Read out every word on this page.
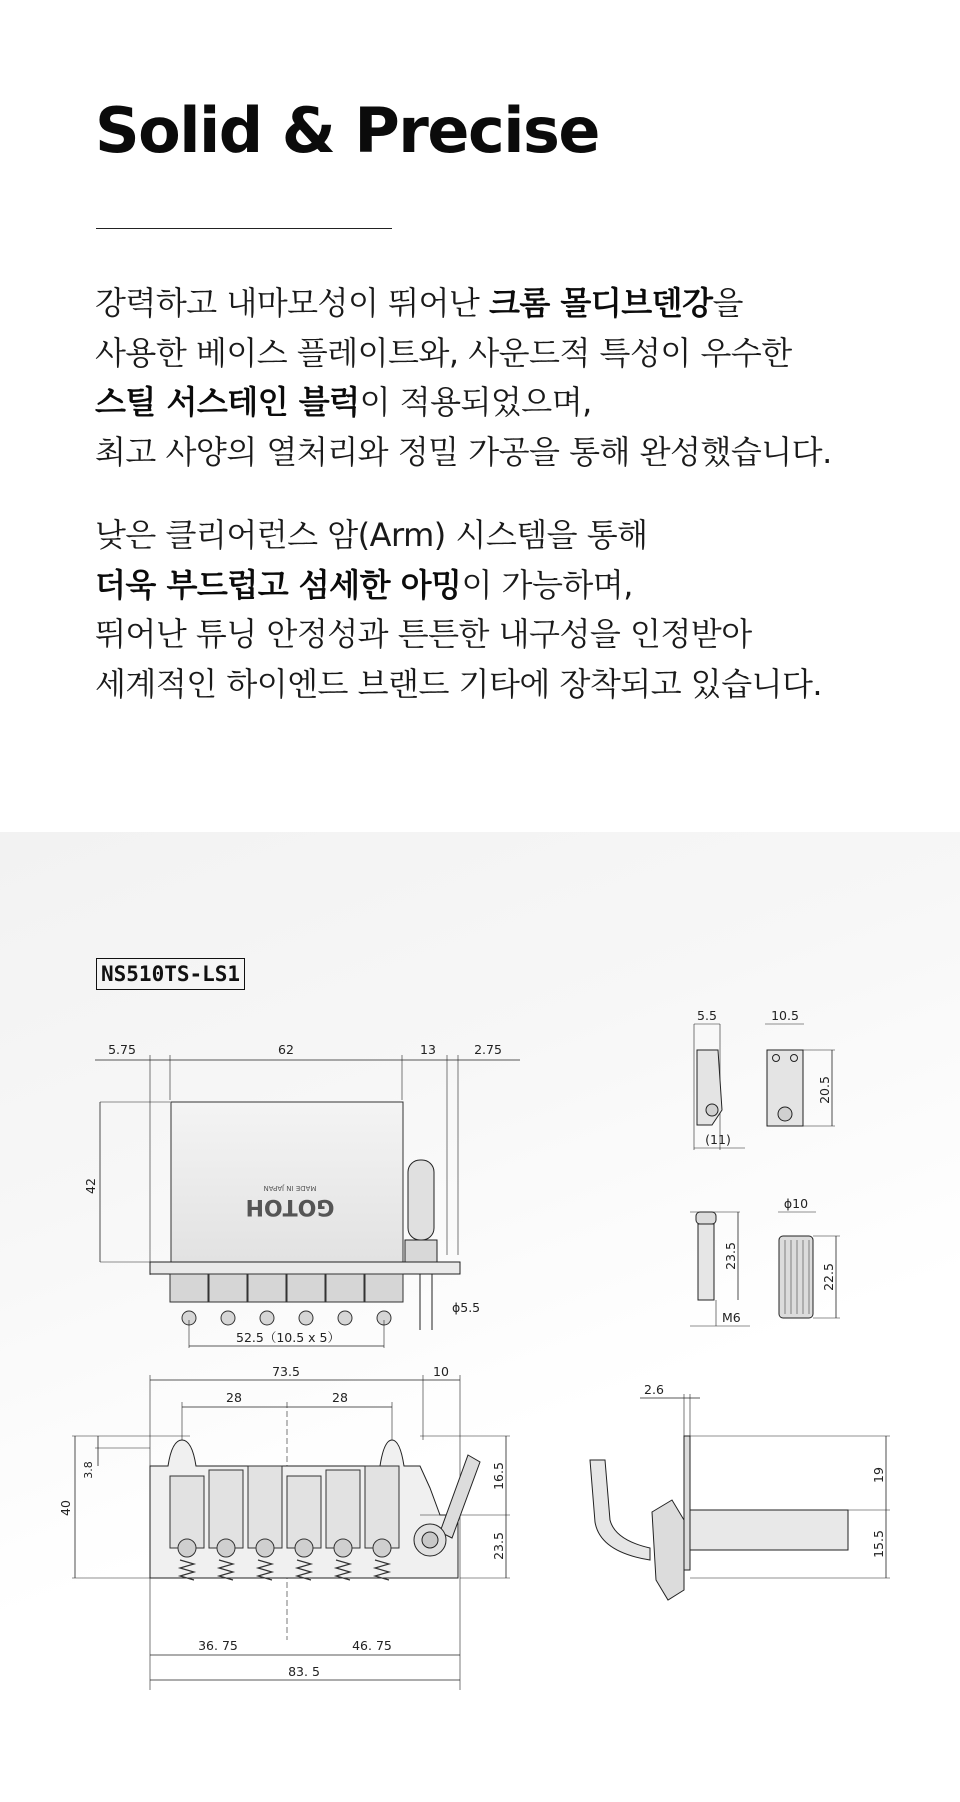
Solid & Precise

강력하고 내마모성이 뛰어난 크롬 몰디브덴강을
사용한 베이스 플레이트와, 사운드적 특성이 우수한
스틸 서스테인 블럭이 적용되었으며,
최고 사양의 열처리와 정밀 가공을 통해 완성했습니다.

낮은 클리어런스 암(Arm) 시스템을 통해
더욱 부드럽고 섬세한 아밍이 가능하며,
뛰어난 튜닝 안정성과 튼튼한 내구성을 인정받아
세계적인 하이엔드 브랜드 기타에 장착되고 있습니다.

NS510TS-LS1
GOTOH
MADE IN JAPAN
5.75	62	13	2.75
42
ϕ5.5
52.5（10.5 x 5）
5.5	10.5
20.5
(11)
23.5
M6
ϕ10
22.5
73.5	10
28	28
40
3.8	16.5
23.5
36. 75	46. 75
83. 5
2.6
19
15.5
